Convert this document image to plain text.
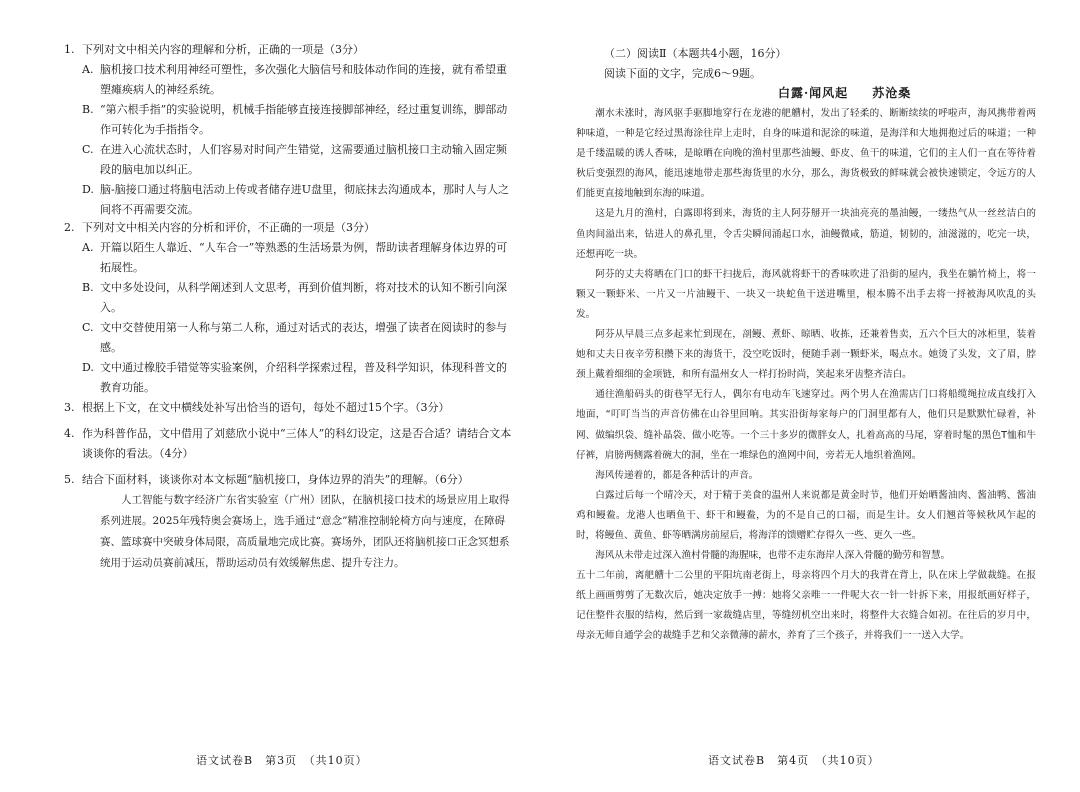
1. 下列对文中相关内容的理解和分析，正确的一项是（3分）
A. 脑机接口技术利用神经可塑性，多次强化大脑信号和肢体动作间的连接，就有希望重塑瘫痪病人的神经系统。
B. “第六根手指”的实验说明，机械手指能够直接连接脚部神经，经过重复训练，脚部动作可转化为手指指令。
C. 在进入心流状态时，人们容易对时间产生错觉，这需要通过脑机接口主动输入固定频段的脑电加以纠正。
D. 脑-脑接口通过将脑电活动上传或者储存进U盘里，彻底抹去沟通成本，那时人与人之间将不再需要交流。
2. 下列对文中相关内容的分析和评价，不正确的一项是（3分）
A. 开篇以陌生人靠近、“人车合一”等熟悉的生活场景为例，帮助读者理解身体边界的可拓展性。
B. 文中多处设问，从科学阐述到人文思考，再到价值判断，将对技术的认知不断引向深入。
C. 文中交替使用第一人称与第二人称，通过对话式的表达，增强了读者在阅读时的参与感。
D. 文中通过橡胶手错觉等实验案例，介绍科学探索过程，普及科学知识，体现科普文的教育功能。
3. 根据上下文，在文中横线处补写出恰当的语句，每处不超过15个字。（3分）
4. 作为科普作品，文中借用了刘慈欣小说中“三体人”的科幻设定，这是否合适？请结合文本谈谈你的看法。（4分）
5. 结合下面材料，谈谈你对本文标题“脑机接口，身体边界的消失”的理解。（6分）
人工智能与数字经济广东省实验室（广州）团队，在脑机接口技术的场景应用上取得系列进展。2025年残特奥会赛场上，选手通过“意念”精准控制轮椅方向与速度，在障碍赛、篮球赛中突破身体局限，高质量地完成比赛。赛场外，团队还将脑机接口正念冥想系统用于运动员赛前减压，帮助运动员有效缓解焦虑、提升专注力。
语文试卷B　第3页　（共10页）
（二）阅读Ⅱ（本题共4小题，16分）
阅读下面的文字，完成6～9题。
白露·闻风起 苏沧桑

潮水未涨时，海风驱手驱脚地穿行在龙港的舥艚村，发出了轻柔的、断断续续的呼啦声，海风携带着两种味道，一种是它经过黑海涂往岸上走时，自身的味道和泥涂的味道，是海洋和大地拥抱过后的味道；一种是千缕温暖的诱人香味，是晾晒在向晚的渔村里那些油鳗、虾皮、鱼干的味道，它们的主人们一直在等待着秋后变强烈的海风，能迅速地带走那些海货里的水分，那么，海货极致的鲜味就会被快速锁定，令远方的人们能更直接地触到东海的味道。

这是九月的渔村，白露即将到来，海货的主人阿芬掰开一块油亮亮的墨油鳗，一缕热气从一丝丝洁白的鱼肉间溢出来，钻进人的鼻孔里，令舌尖瞬间涌起口水，油鳗微咸，筋道，韧韧的，油滋滋的，吃完一块，还想再吃一块。

阿芬的丈夫将晒在门口的虾干扫拢后，海风就将虾干的香味吹进了沿街的屋内，我坐在躺竹椅上，将一颗又一颗虾米、一片又一片油鳗干、一块又一块蛇鱼干送进嘴里，根本腾不出手去将一捋被海风吹乱的头发。

阿芬从早晨三点多起来忙到现在，剖鳗、煮虾、晾晒、收拣，还兼着售卖，五六个巨大的冰柜里，装着她和丈夫日夜辛劳积攒下来的海货干，没空吃饭时，便随手剥一颗虾米，喝点水。她烫了头发，文了眉，脖颈上戴着细细的金项链，和所有温州女人一样打扮时尚，笑起来牙齿整齐洁白。

通往渔船码头的街巷罕无行人，偶尔有电动车飞速穿过。两个男人在渔需店门口将船缆绳拉成直线打入地面，“叮叮当当的声音仿佛在山谷里回响。其实沿街每家每户的门洞里都有人，他们只是默默忙碌着，补网、做编织袋、缝补晶袋、做小吃等。一个三十多岁的微胖女人，扎着高高的马尾，穿着时髦的黑色T恤和牛仔裤，肩膀两侧露着碗大的洞，坐在一堆绿色的渔网中间，旁若无人地织着渔网。

海风传递着的，都是各种活计的声音。

白露过后每一个晴冷天，对于精于美食的温州人来说都是黄金时节，他们开始晒酱油肉、酱油鸭、酱油鸡和鳗鲞。龙港人也晒鱼干、虾干和鳗鲞，为的不是自己的口福，而是生计。女人们翘首等候秋风乍起的时，将鳗鱼、黄鱼、虾等晒满房前屋后，将海洋的馈赠贮存得久一些、更久一些。

海风从未带走过深入渔村骨髓的海腥味，也带不走东海岸人深入骨髓的勤劳和智慧。

五十二年前，离舥艚十二公里的平阳坑南老街上，母亲将四个月大的我背在背上，队在床上学做裁缝。在报纸上画画剪剪了无数次后，她决定放手一搏：她将父亲唯一一件呢大衣一针一针拆下来，用报纸画好样子，记住整件衣服的结构，然后到一家裁缝店里，等缝纫机空出来时，将整件大衣缝合如初。在往后的岁月中，母亲无师自通学会的裁缝手艺和父亲微薄的薪水，养育了三个孩子，并将我们一一送入大学。

语文试卷B　第4页　（共10页）
